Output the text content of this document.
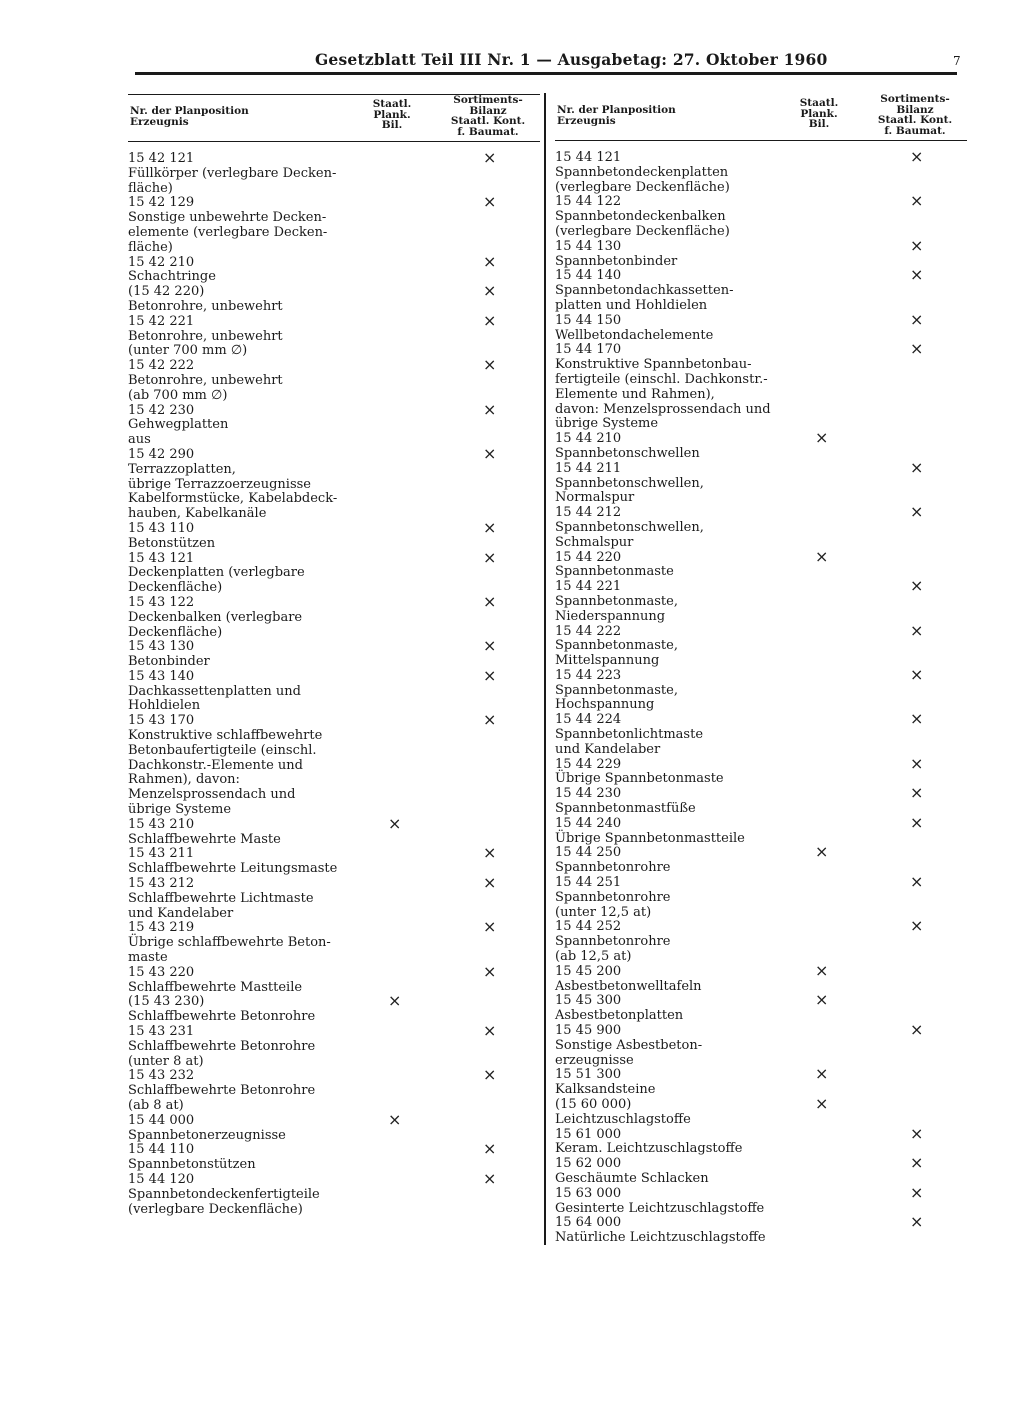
Gesetzblatt Teil III Nr. 1 — Ausgabetag: 27. Oktober 1960	7
Nr. der Planposition
Erzeugnis
Staatl.
Plank.
Bil.
Sortiments-
Bilanz
Staatl. Kont.
f. Baumat.
15 42 121
Füllkörper (verlegbare Decken-
fläche)
×
15 42 129
Sonstige unbewehrte Decken-
elemente (verlegbare Decken-
fläche)
×
15 42 210
Schachtringe
×
(15 42 220)
Betonrohre, unbewehrt
×
15 42 221
Betonrohre, unbewehrt
(unter 700 mm ∅)
×
15 42 222
Betonrohre, unbewehrt
(ab 700 mm ∅)
×
15 42 230
Gehwegplatten
aus
×
15 42 290
Terrazzoplatten,
übrige Terrazzoerzeugnisse
Kabelformstücke, Kabelabdeck-
hauben, Kabelkanäle
×
15 43 110
Betonstützen
×
15 43 121
Deckenplatten (verlegbare
Deckenfläche)
×
15 43 122
Deckenbalken (verlegbare
Deckenfläche)
×
15 43 130
Betonbinder
×
15 43 140
Dachkassettenplatten und
Hohldielen
×
15 43 170
Konstruktive schlaffbewehrte
Betonbaufertigteile (einschl.
Dachkonstr.-Elemente und
Rahmen), davon:
Menzelsprossendach und
übrige Systeme
×
15 43 210
Schlaffbewehrte Maste
×
15 43 211
Schlaffbewehrte Leitungsmaste
×
15 43 212
Schlaffbewehrte Lichtmaste
und Kandelaber
×
15 43 219
Übrige schlaffbewehrte Beton-
maste
×
15 43 220
Schlaffbewehrte Mastteile
×
(15 43 230)
Schlaffbewehrte Betonrohre
×
15 43 231
Schlaffbewehrte Betonrohre
(unter 8 at)
×
15 43 232
Schlaffbewehrte Betonrohre
(ab 8 at)
×
15 44 000
Spannbetonerzeugnisse
×
15 44 110
Spannbetonstützen
×
15 44 120
Spannbetondeckenfertigteile
(verlegbare Deckenfläche)
×
Nr. der Planposition
Erzeugnis
Staatl.
Plank.
Bil.
Sortiments-
Bilanz
Staatl. Kont.
f. Baumat.
15 44 121
Spannbetondeckenplatten
(verlegbare Deckenfläche)
×
15 44 122
Spannbetondeckenbalken
(verlegbare Deckenfläche)
×
15 44 130
Spannbetonbinder
×
15 44 140
Spannbetondachkassetten-
platten und Hohldielen
×
15 44 150
Wellbetondachelemente
×
15 44 170
Konstruktive Spannbetonbau-
fertigteile (einschl. Dachkonstr.-
Elemente und Rahmen),
davon: Menzelsprossendach und
übrige Systeme
×
15 44 210
Spannbetonschwellen
×
15 44 211
Spannbetonschwellen,
Normalspur
×
15 44 212
Spannbetonschwellen,
Schmalspur
×
15 44 220
Spannbetonmaste
×
15 44 221
Spannbetonmaste,
Niederspannung
×
15 44 222
Spannbetonmaste,
Mittelspannung
×
15 44 223
Spannbetonmaste,
Hochspannung
×
15 44 224
Spannbetonlichtmaste
und Kandelaber
×
15 44 229
Übrige Spannbetonmaste
×
15 44 230
Spannbetonmastfüße
×
15 44 240
Übrige Spannbetonmastteile
×
15 44 250
Spannbetonrohre
×
15 44 251
Spannbetonrohre
(unter 12,5 at)
×
15 44 252
Spannbetonrohre
(ab 12,5 at)
×
15 45 200
Asbestbetonwelltafeln
×
15 45 300
Asbestbetonplatten
×
15 45 900
Sonstige Asbestbeton-
erzeugnisse
×
15 51 300
Kalksandsteine
×
(15 60 000)
Leichtzuschlagstoffe
×
15 61 000
Keram. Leichtzuschlagstoffe
×
15 62 000
Geschäumte Schlacken
×
15 63 000
Gesinterte Leichtzuschlagstoffe
×
15 64 000
Natürliche Leichtzuschlagstoffe
×
